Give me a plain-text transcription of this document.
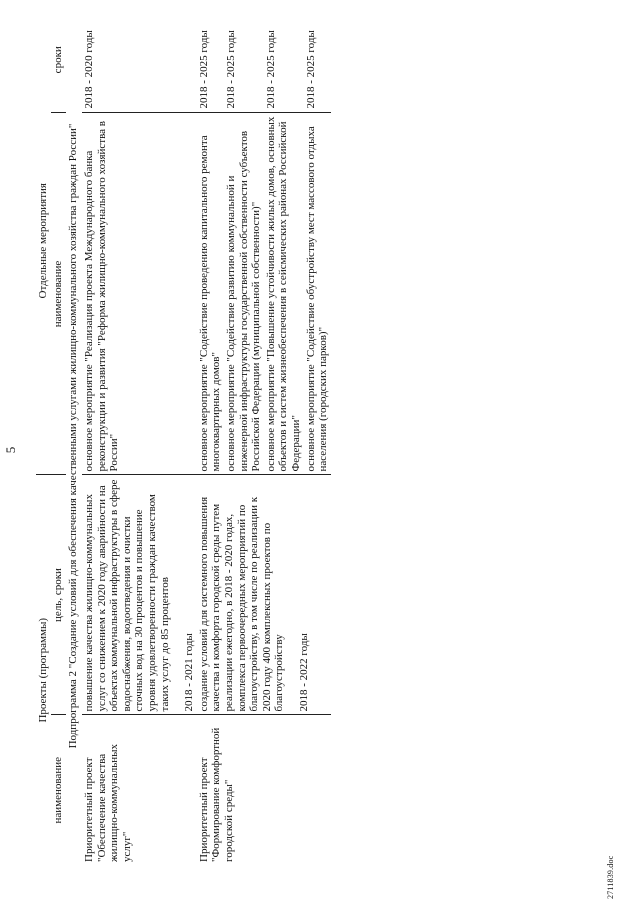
5
Проекты (программы)		Отдельные мероприятия	
наименование	цель, сроки	наименование	сроки
Подпрограмма 2 "Создание условий для обеспечения качественными услугами жилищно-коммунального хозяйства граждан России"			

Приоритетный проект "Обеспечение качества жилищно-коммунальных услуг"	повышение качества жилищно-коммунальных услуг со снижением к 2020 году аварийности на объектах коммунальной инфраструктуры в сфере водоснабжения, водоотведения и очистки сточных вод на 30 процентов и повышение уровня удовлетворенности граждан качеством таких услуг до 85 процентов 2018 - 2021 годы	основное мероприятие "Реализация проекта Международного банка реконструкции и развития "Реформа жилищно-коммунального хозяйства в России"	2018 - 2020 годы

Приоритетный проект "Формирование комфортной городской среды"	создание условий для системного повышения качества и комфорта городской среды путем реализации ежегодно, в 2018 - 2020 годах, комплекса первоочередных мероприятий по благоустройству, в том числе по реализации к 2020 году 400 комплексных проектов по благоустройству 2018 - 2022 годы	основное мероприятие "Содействие проведению капитального ремонта многоквартирных домов"	2018 - 2025 годы

		основное мероприятие "Содействие развитию коммунальной и инженерной инфраструктуры государственной собственности субъектов Российской Федерации (муниципальной собственности)"	2018 - 2025 годы

		основное мероприятие "Повышение устойчивости жилых домов, основных объектов и систем жизнеобеспечения в сейсмических районах Российской Федерации"	2018 - 2025 годы

		основное мероприятие "Содействие обустройству мест массового отдыха населения (городских парков)"	2018 - 2025 годы

2711839.doc
